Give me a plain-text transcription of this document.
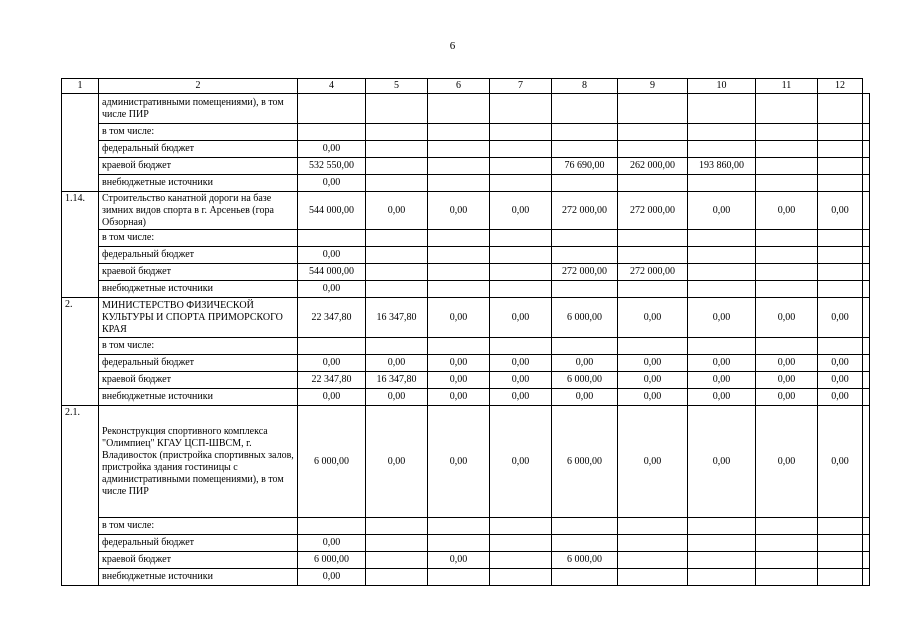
6
1	2	4	5	6	7	8	9	10	11	12	
	административными помещениями), в том числе ПИР										
	в том числе:										
	федеральный бюджет	0,00									
	краевой бюджет	532 550,00				76 690,00	262 000,00	193 860,00			
	внебюджетные источники	0,00									
1.14.	Строительство канатной дороги на базе зимних видов спорта в г. Арсеньев (гора Обзорная)	544 000,00	0,00	0,00	0,00	272 000,00	272 000,00	0,00	0,00	0,00	
	в том числе:										
	федеральный бюджет	0,00									
	краевой бюджет	544 000,00				272 000,00	272 000,00				
	внебюджетные источники	0,00									
2.	МИНИСТЕРСТВО ФИЗИЧЕСКОЙ КУЛЬТУРЫ И СПОРТА ПРИМОРСКОГО КРАЯ	22 347,80	16 347,80	0,00	0,00	6 000,00	0,00	0,00	0,00	0,00	
	в том числе:										
	федеральный бюджет	0,00	0,00	0,00	0,00	0,00	0,00	0,00	0,00	0,00	
	краевой бюджет	22 347,80	16 347,80	0,00	0,00	6 000,00	0,00	0,00	0,00	0,00	
	внебюджетные источники	0,00	0,00	0,00	0,00	0,00	0,00	0,00	0,00	0,00	
2.1.	Реконструкция спортивного комплекса "Олимпиец" КГАУ ЦСП-ШВСМ, г. Владивосток (пристройка спортивных залов, пристройка здания гостиницы с административными помещениями), в том числе ПИР	6 000,00	0,00	0,00	0,00	6 000,00	0,00	0,00	0,00	0,00	
	в том числе:										
	федеральный бюджет	0,00									
	краевой бюджет	6 000,00		0,00		6 000,00					
	внебюджетные источники	0,00									
